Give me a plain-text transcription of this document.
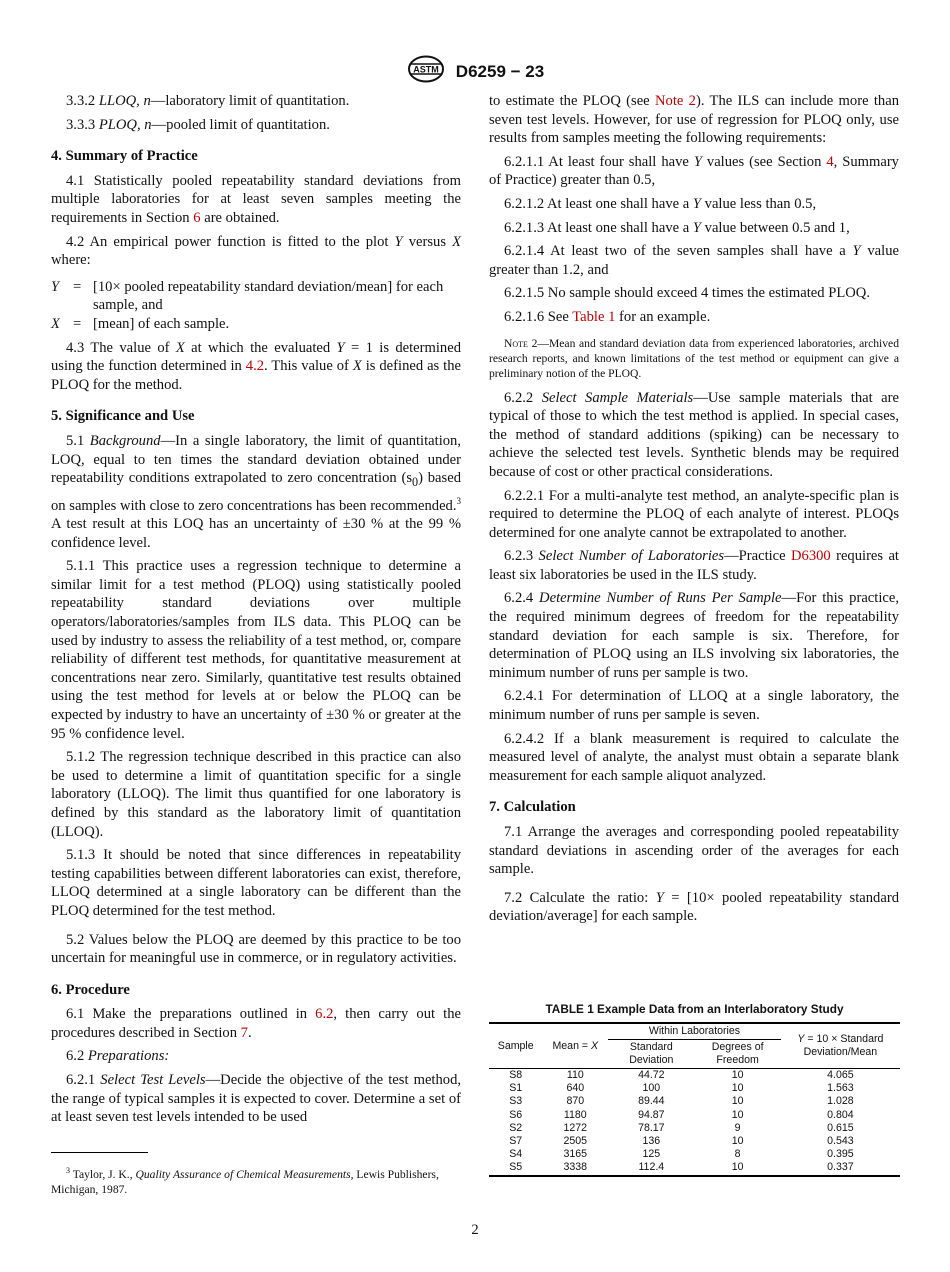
ASTM D6259 − 23

3.3.2 LLOQ, n—laboratory limit of quantitation.

3.3.3 PLOQ, n—pooled limit of quantitation.

4. Summary of Practice

4.1 Statistically pooled repeatability standard deviations from multiple laboratories for at least seven samples meeting the requirements in Section 6 are obtained.

4.2 An empirical power function is fitted to the plot Y versus X where:

Y = [10× pooled repeatability standard deviation/mean] for each sample, and
X = [mean] of each sample.

4.3 The value of X at which the evaluated Y = 1 is determined using the function determined in 4.2. This value of X is defined as the PLOQ for the method.

5. Significance and Use

5.1 Background—In a single laboratory, the limit of quantitation, LOQ, equal to ten times the standard deviation obtained under repeatability conditions extrapolated to zero concentration $(s_0)$ based on samples with close to zero concentrations has been recommended.$^3$ A test result at this LOQ has an uncertainty of ±30 % at the 99 % confidence level.

5.1.1 This practice uses a regression technique to determine a similar limit for a test method (PLOQ) using statistically pooled repeatability standard deviations over multiple operators/laboratories/samples from ILS data. This PLOQ can be used by industry to assess the reliability of a test method, or, compare reliability of different test methods, for quantitative measurement at concentrations near zero. Similarly, quantitative test results obtained using the test method for levels at or below the PLOQ can be expected by industry to have an uncertainty of ±30 % or greater at the 95 % confidence level.

5.1.2 The regression technique described in this practice can also be used to determine a limit of quantitation specific for a single laboratory (LLOQ). The limit thus quantified for one laboratory is defined by this standard as the laboratory limit of quantitation (LLOQ).

5.1.3 It should be noted that since differences in repeatability testing capabilities between different laboratories can exist, therefore, LLOQ determined at a single laboratory can be different than the PLOQ determined for the test method.

5.2 Values below the PLOQ are deemed by this practice to be too uncertain for meaningful use in commerce, or in regulatory activities.

6. Procedure

6.1 Make the preparations outlined in 6.2, then carry out the procedures described in Section 7.

6.2 Preparations:

6.2.1 Select Test Levels—Decide the objective of the test method, the range of typical samples it is expected to cover. Determine a set of at least seven test levels intended to be used

$^3$ Taylor, J. K., Quality Assurance of Chemical Measurements, Lewis Publishers, Michigan, 1987.

to estimate the PLOQ (see Note 2). The ILS can include more than seven test levels. However, for use of regression for PLOQ only, use results from samples meeting the following requirements:

6.2.1.1 At least four shall have Y values (see Section 4, Summary of Practice) greater than 0.5,

6.2.1.2 At least one shall have a Y value less than 0.5,

6.2.1.3 At least one shall have a Y value between 0.5 and 1,

6.2.1.4 At least two of the seven samples shall have a Y value greater than 1.2, and

6.2.1.5 No sample should exceed 4 times the estimated PLOQ.

6.2.1.6 See Table 1 for an example.

Note 2—Mean and standard deviation data from experienced laboratories, archived research reports, and known limitations of the test method or equipment can give a preliminary notion of the PLOQ.

6.2.2 Select Sample Materials—Use sample materials that are typical of those to which the test method is applied. In special cases, the method of standard additions (spiking) can be necessary to achieve the selected test levels. Synthetic blends may be required because of cost or other practical considerations.

6.2.2.1 For a multi-analyte test method, an analyte-specific plan is required to determine the PLOQ of each analyte of interest. PLOQs determined for one analyte cannot be extrapolated to another.

6.2.3 Select Number of Laboratories—Practice D6300 requires at least six laboratories be used in the ILS study.

6.2.4 Determine Number of Runs Per Sample—For this practice, the required minimum degrees of freedom for the repeatability standard deviation for each sample is six. Therefore, for determination of PLOQ using an ILS involving six laboratories, the minimum number of runs per sample is two.

6.2.4.1 For determination of LLOQ at a single laboratory, the minimum number of runs per sample is seven.

6.2.4.2 If a blank measurement is required to calculate the measured level of analyte, the analyst must obtain a separate blank measurement for each sample aliquot analyzed.

7. Calculation

7.1 Arrange the averages and corresponding pooled repeatability standard deviations in ascending order of the averages for each sample.

7.2 Calculate the ratio: Y = [10× pooled repeatability standard deviation/average] for each sample.

TABLE 1 Example Data from an Interlaboratory Study
Sample	Mean = X	Within Laboratories		Y = 10 × Standard Deviation/Mean
		Standard Deviation	Degrees of Freedom	
S8	110	44.72	10	4.065
S1	640	100	10	1.563
S3	870	89.44	10	1.028
S6	1180	94.87	10	0.804
S2	1272	78.17	9	0.615
S7	2505	136	10	0.543
S4	3165	125	8	0.395
S5	3338	112.4	10	0.337
2
